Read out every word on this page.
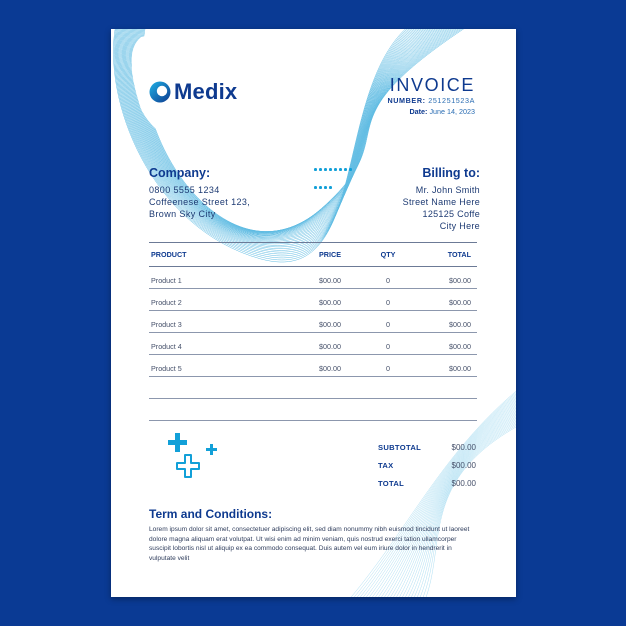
Medix	INVOICE
NUMBER: 251251523A
Date: June 14, 2023
Company:
0800 5555 1234
Coffeenese Street 123,
Brown Sky City
Billing to:
Mr. John Smith
Street Name Here
125125 Coffe
City Here
PRODUCT	PRICE	QTY	TOTAL
Product 1	$00.00	0	$00.00
Product 2	$00.00	0	$00.00
Product 3	$00.00	0	$00.00
Product 4	$00.00	0	$00.00
Product 5	$00.00	0	$00.00
SUBTOTAL	$00.00
TAX	$00.00
TOTAL	$00.00
Term and Conditions:
Lorem ipsum dolor sit amet, consectetuer adipiscing elit, sed diam nonummy nibh euismod tincidunt ut laoreet dolore magna aliquam erat volutpat. Ut wisi enim ad minim veniam, quis nostrud exerci tation ullamcorper suscipit lobortis nisl ut aliquip ex ea commodo consequat. Duis autem vel eum iriure dolor in hendrerit in vulputate velit
